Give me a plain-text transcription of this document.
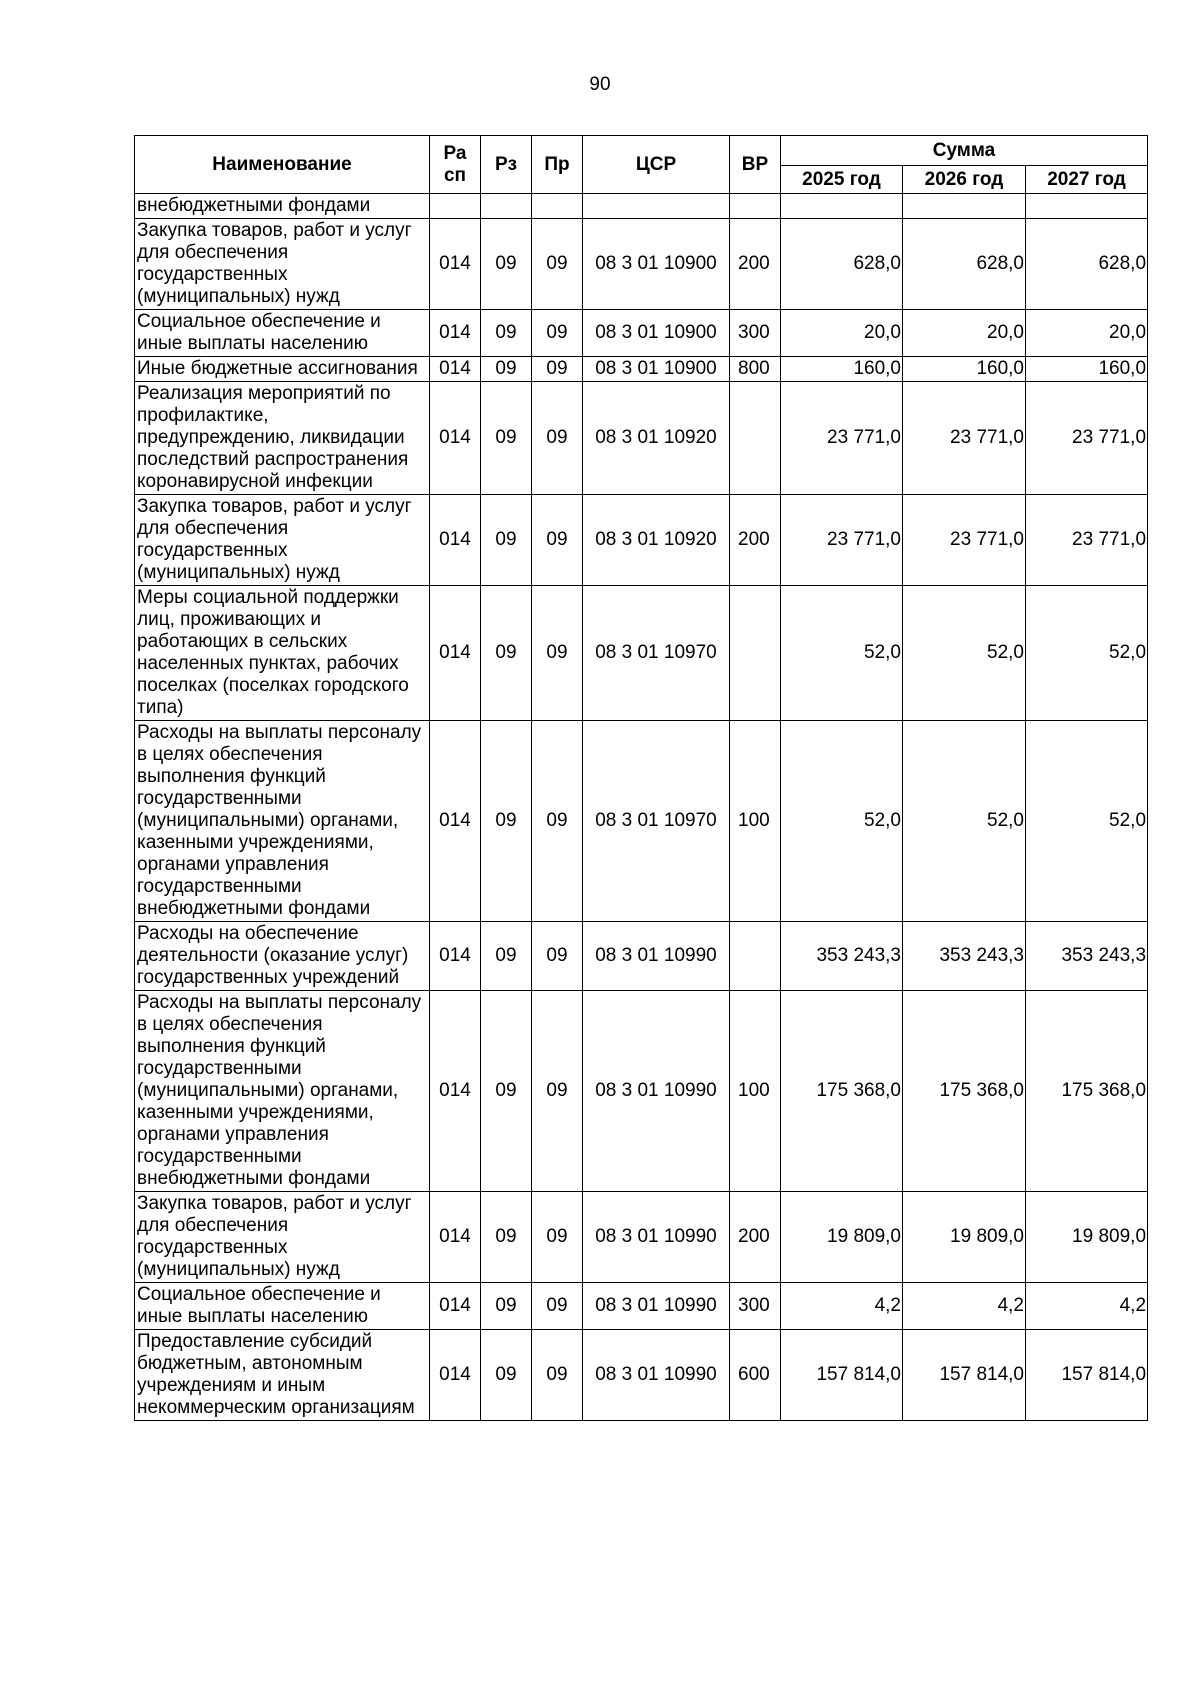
90
Наименование	Ра сп	Рз	Пр	ЦСР	ВР	Сумма		
						2025 год	2026 год	2027 год
внебюджетными фондами								
Закупка товаров, работ и услуг для обеспечения государственных (муниципальных) нужд	014	09	09	08 3 01 10900	200	628,0	628,0	628,0
Социальное обеспечение и иные выплаты населению	014	09	09	08 3 01 10900	300	20,0	20,0	20,0
Иные бюджетные ассигнования	014	09	09	08 3 01 10900	800	160,0	160,0	160,0
Реализация мероприятий по профилактике, предупреждению, ликвидации последствий распространения коронавирусной инфекции	014	09	09	08 3 01 10920		23 771,0	23 771,0	23 771,0
Закупка товаров, работ и услуг для обеспечения государственных (муниципальных) нужд	014	09	09	08 3 01 10920	200	23 771,0	23 771,0	23 771,0
Меры социальной поддержки лиц, проживающих и работающих в сельских населенных пунктах, рабочих поселках (поселках городского типа)	014	09	09	08 3 01 10970		52,0	52,0	52,0
Расходы на выплаты персоналу в целях обеспечения выполнения функций государственными (муниципальными) органами, казенными учреждениями, органами управления государственными внебюджетными фондами	014	09	09	08 3 01 10970	100	52,0	52,0	52,0
Расходы на обеспечение деятельности (оказание услуг) государственных учреждений	014	09	09	08 3 01 10990		353 243,3	353 243,3	353 243,3
Расходы на выплаты персоналу в целях обеспечения выполнения функций государственными (муниципальными) органами, казенными учреждениями, органами управления государственными внебюджетными фондами	014	09	09	08 3 01 10990	100	175 368,0	175 368,0	175 368,0
Закупка товаров, работ и услуг для обеспечения государственных (муниципальных) нужд	014	09	09	08 3 01 10990	200	19 809,0	19 809,0	19 809,0
Социальное обеспечение и иные выплаты населению	014	09	09	08 3 01 10990	300	4,2	4,2	4,2
Предоставление субсидий бюджетным, автономным учреждениям и иным некоммерческим организациям	014	09	09	08 3 01 10990	600	157 814,0	157 814,0	157 814,0
